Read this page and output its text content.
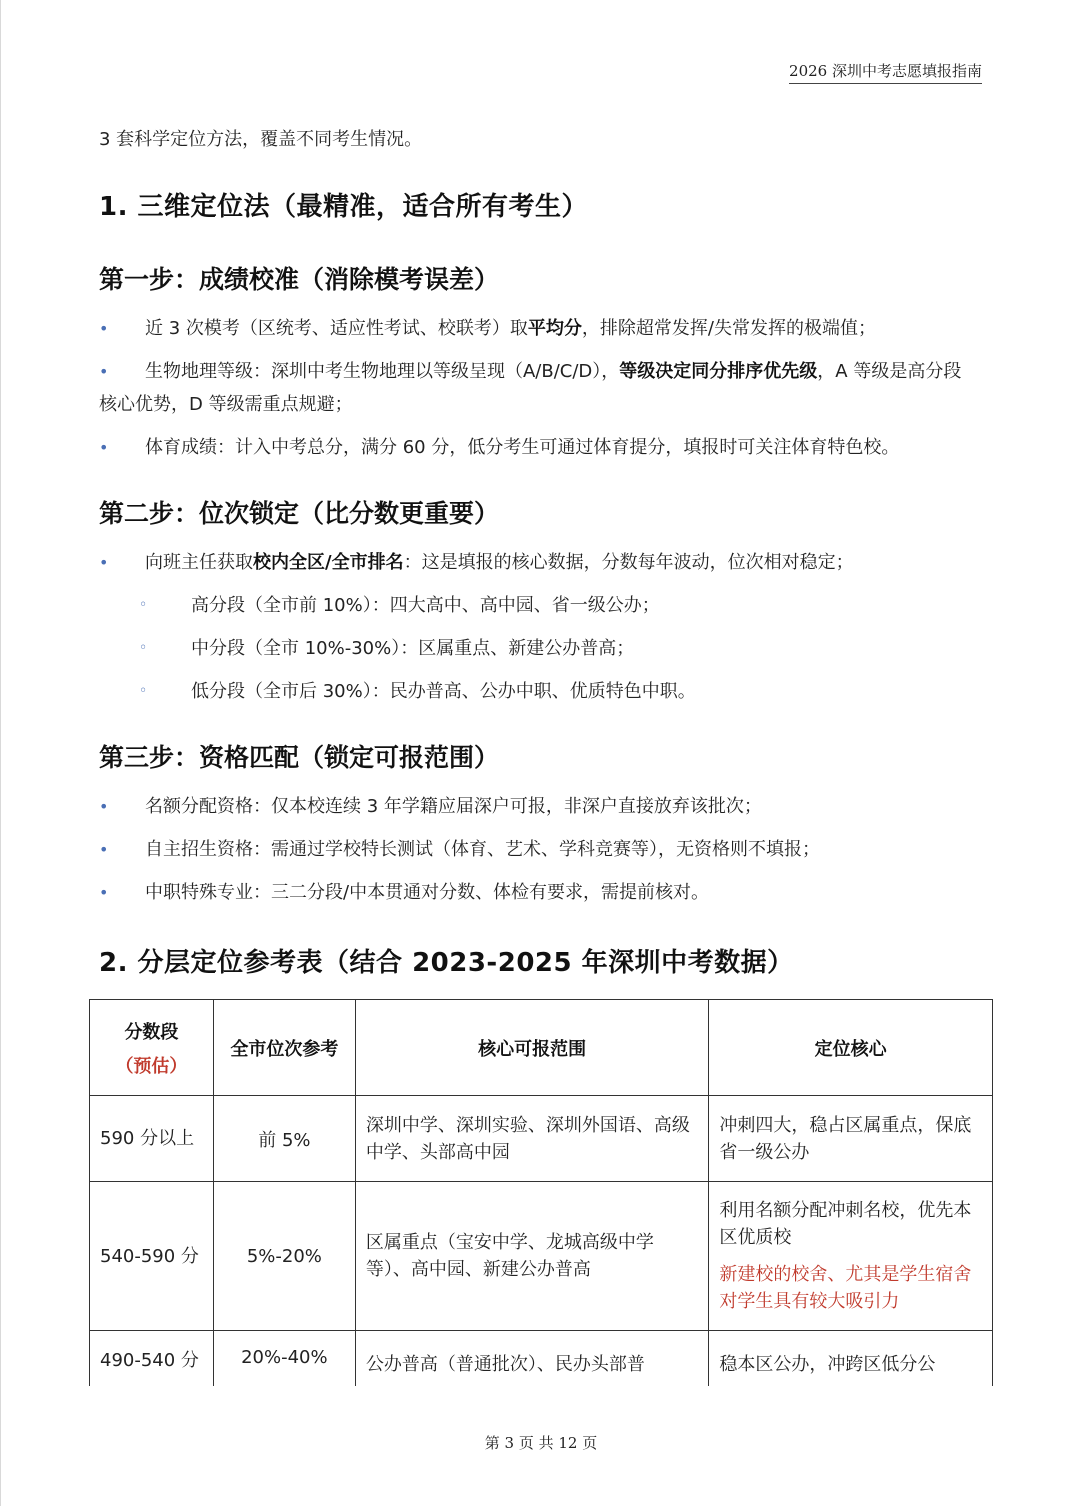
2026 深圳中考志愿填报指南
3 套科学定位方法，覆盖不同考生情况。
1. 三维定位法（最精准，适合所有考生）
第一步：成绩校准（消除模考误差）
•	近 3 次模考（区统考、适应性考试、校联考）取平均分，排除超常发挥/失常发挥的极端值；
•	生物地理等级：深圳中考生物地理以等级呈现（A/B/C/D），等级决定同分排序优先级，A 等级是高分段核心优势，D 等级需重点规避；
•	体育成绩：计入中考总分，满分 60 分，低分考生可通过体育提分，填报时可关注体育特色校。
第二步：位次锁定（比分数更重要）
•	向班主任获取校内全区/全市排名：这是填报的核心数据，分数每年波动，位次相对稳定；
◦	高分段（全市前 10%）：四大高中、高中园、省一级公办；
◦	中分段（全市 10%-30%）：区属重点、新建公办普高；
◦	低分段（全市后 30%）：民办普高、公办中职、优质特色中职。
第三步：资格匹配（锁定可报范围）
•	名额分配资格：仅本校连续 3 年学籍应届深户可报，非深户直接放弃该批次；
•	自主招生资格：需通过学校特长测试（体育、艺术、学科竞赛等），无资格则不填报；
•	中职特殊专业：三二分段/中本贯通对分数、体检有要求，需提前核对。
2. 分层定位参考表（结合 2023-2025 年深圳中考数据）
分数段
（预估）	全市位次参考	核心可报范围	定位核心
590 分以上	前 5%	深圳中学、深圳实验、深圳外国语、高级中学、头部高中园	冲刺四大，稳占区属重点，保底省一级公办
540-590 分	5%-20%	区属重点（宝安中学、龙城高级中学等）、高中园、新建公办普高	利用名额分配冲刺名校，优先本区优质校
新建校的校舍、尤其是学生宿舍对学生具有较大吸引力

490-540 分	20%-40%	公办普高（普通批次）、民办头部普	稳本区公办，冲跨区低分公
第 3 页 共 12 页
